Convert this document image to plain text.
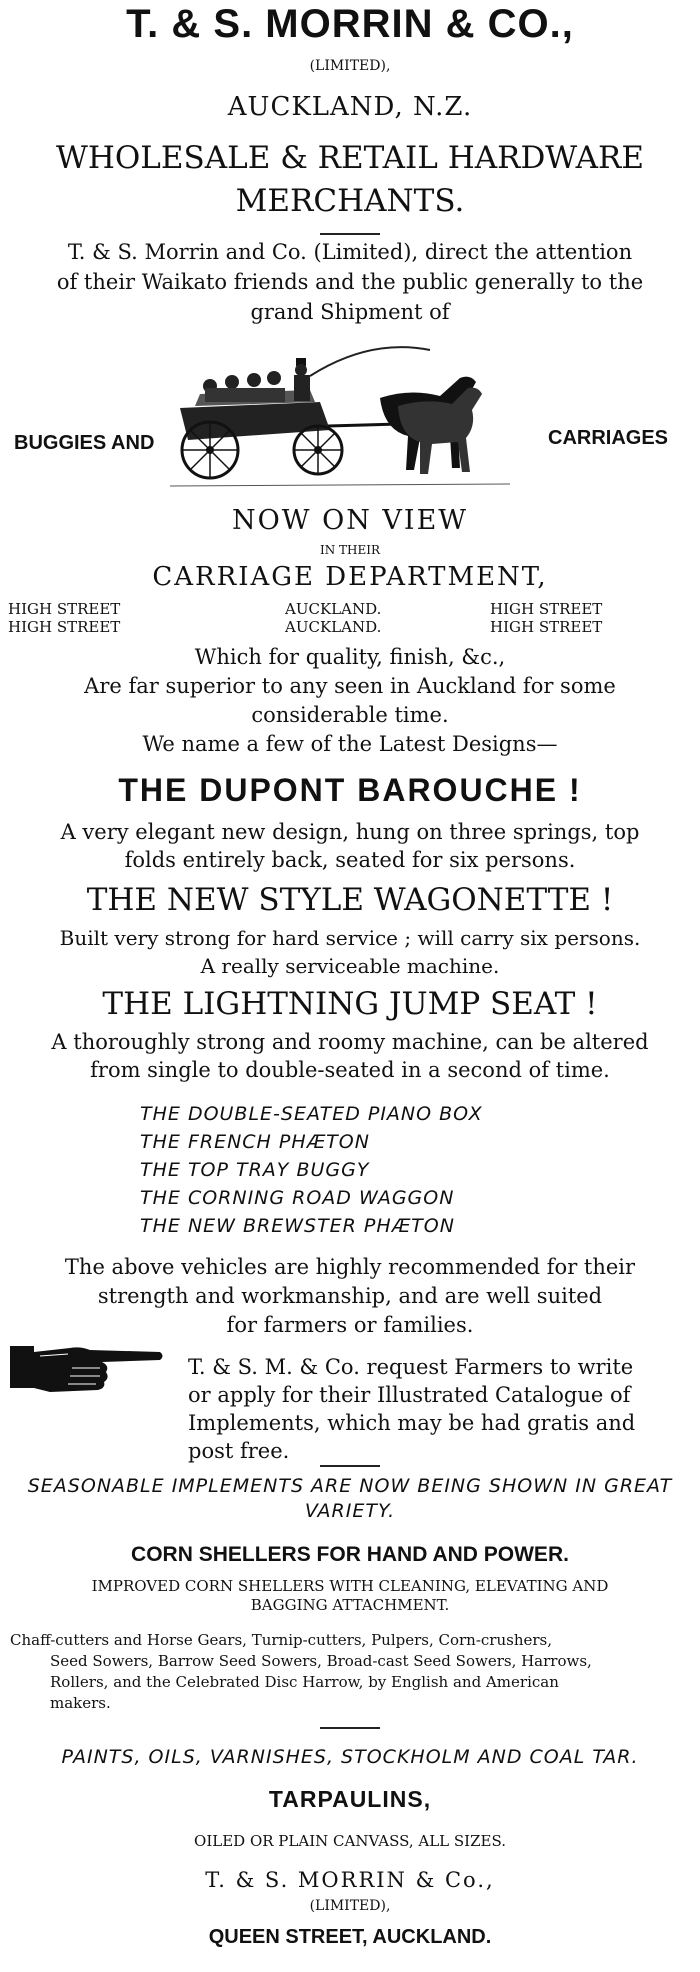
T. & S. MORRIN & CO.,
(LIMITED),
AUCKLAND, N.Z.
WHOLESALE & RETAIL HARDWARE
MERCHANTS.
T. & S. Morrin and Co. (Limited), direct the attention
of their Waikato friends and the public generally to the
grand Shipment of
BUGGIES AND	CARRIAGES
NOW ON VIEW
IN THEIR
CARRIAGE DEPARTMENT,
HIGH STREET
HIGH STREET
AUCKLAND.
AUCKLAND.
HIGH STREET
HIGH STREET
Which for quality, finish, &c.,
Are far superior to any seen in Auckland for some
considerable time.
We name a few of the Latest Designs—
THE DUPONT BAROUCHE !
A very elegant new design, hung on three springs, top
folds entirely back, seated for six persons.
THE NEW STYLE WAGONETTE !
Built very strong for hard service ; will carry six persons.
A really serviceable machine.
THE LIGHTNING JUMP SEAT !
A thoroughly strong and roomy machine, can be altered
from single to double-seated in a second of time.
THE DOUBLE-SEATED PIANO BOX
THE FRENCH PHÆTON
THE TOP TRAY BUGGY
THE CORNING ROAD WAGGON
THE NEW BREWSTER PHÆTON
The above vehicles are highly recommended for their
strength and workmanship, and are well suited
for farmers or families.
T. & S. M. & Co. request Farmers to write
or apply for their Illustrated Catalogue of
Implements, which may be had gratis and
post free.
SEASONABLE IMPLEMENTS ARE NOW BEING SHOWN IN GREAT
VARIETY.
CORN SHELLERS FOR HAND AND POWER.
IMPROVED CORN SHELLERS WITH CLEANING, ELEVATING AND
BAGGING ATTACHMENT.
Chaff-cutters and Horse Gears, Turnip-cutters, Pulpers, Corn-crushers,
Seed Sowers, Barrow Seed Sowers, Broad-cast Seed Sowers, Harrows,
Rollers, and the Celebrated Disc Harrow, by English and American
makers.
PAINTS, OILS, VARNISHES, STOCKHOLM AND COAL TAR.
TARPAULINS,
OILED OR PLAIN CANVASS, ALL SIZES.
T. & S. MORRIN & Co.,
(LIMITED),
QUEEN STREET, AUCKLAND.
